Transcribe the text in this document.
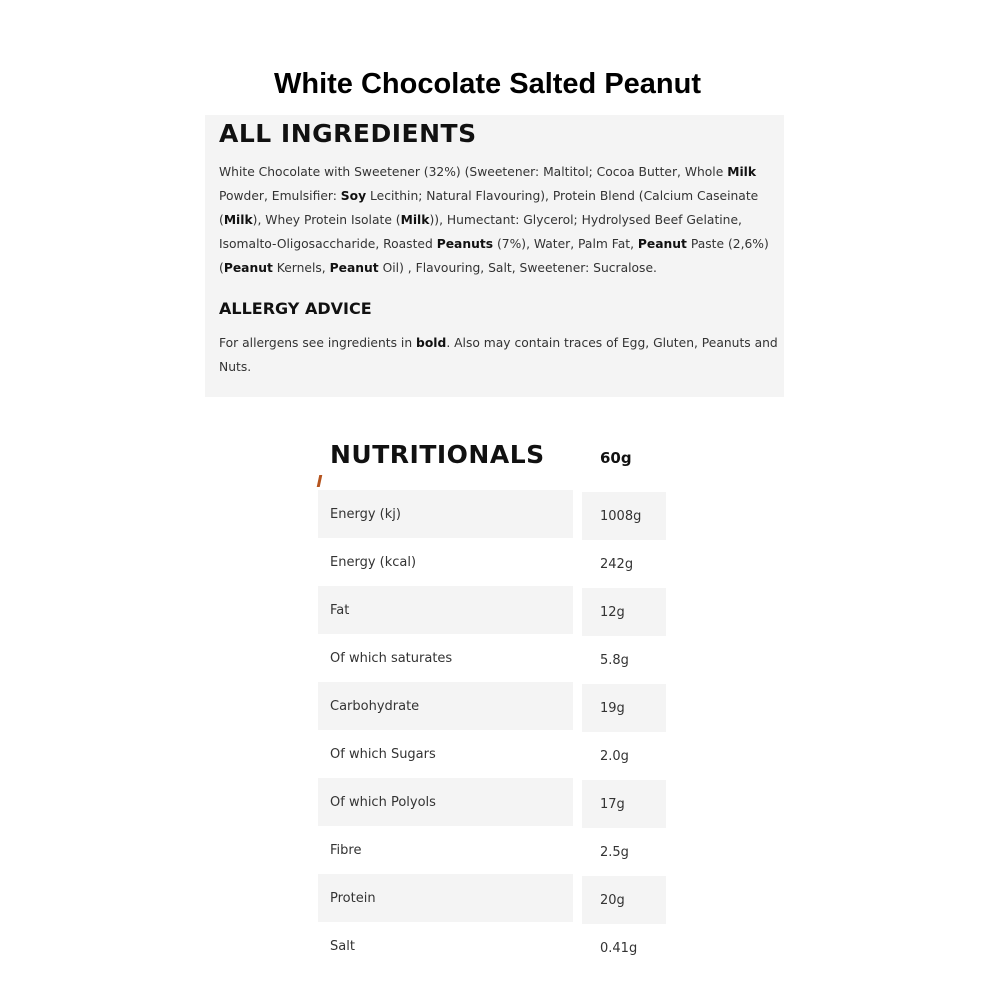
White Chocolate Salted Peanut
ALL INGREDIENTS
White Chocolate with Sweetener (32%) (Sweetener: Maltitol; Cocoa Butter, Whole Milk Powder, Emulsifier: Soy Lecithin; Natural Flavouring), Protein Blend (Calcium Caseinate (Milk), Whey Protein Isolate (Milk)), Humectant: Glycerol; Hydrolysed Beef Gelatine, Isomalto-Oligosaccharide, Roasted Peanuts (7%), Water, Palm Fat, Peanut Paste (2,6%) (Peanut Kernels, Peanut Oil) , Flavouring, Salt, Sweetener: Sucralose.
ALLERGY ADVICE
For allergens see ingredients in bold. Also may contain traces of Egg, Gluten, Peanuts and Nuts.
NUTRITIONALS	60g
Energy (kj)	1008g
Energy (kcal)	242g
Fat	12g
Of which saturates	5.8g
Carbohydrate	19g
Of which Sugars	2.0g
Of which Polyols	17g
Fibre	2.5g
Protein	20g
Salt	0.41g
